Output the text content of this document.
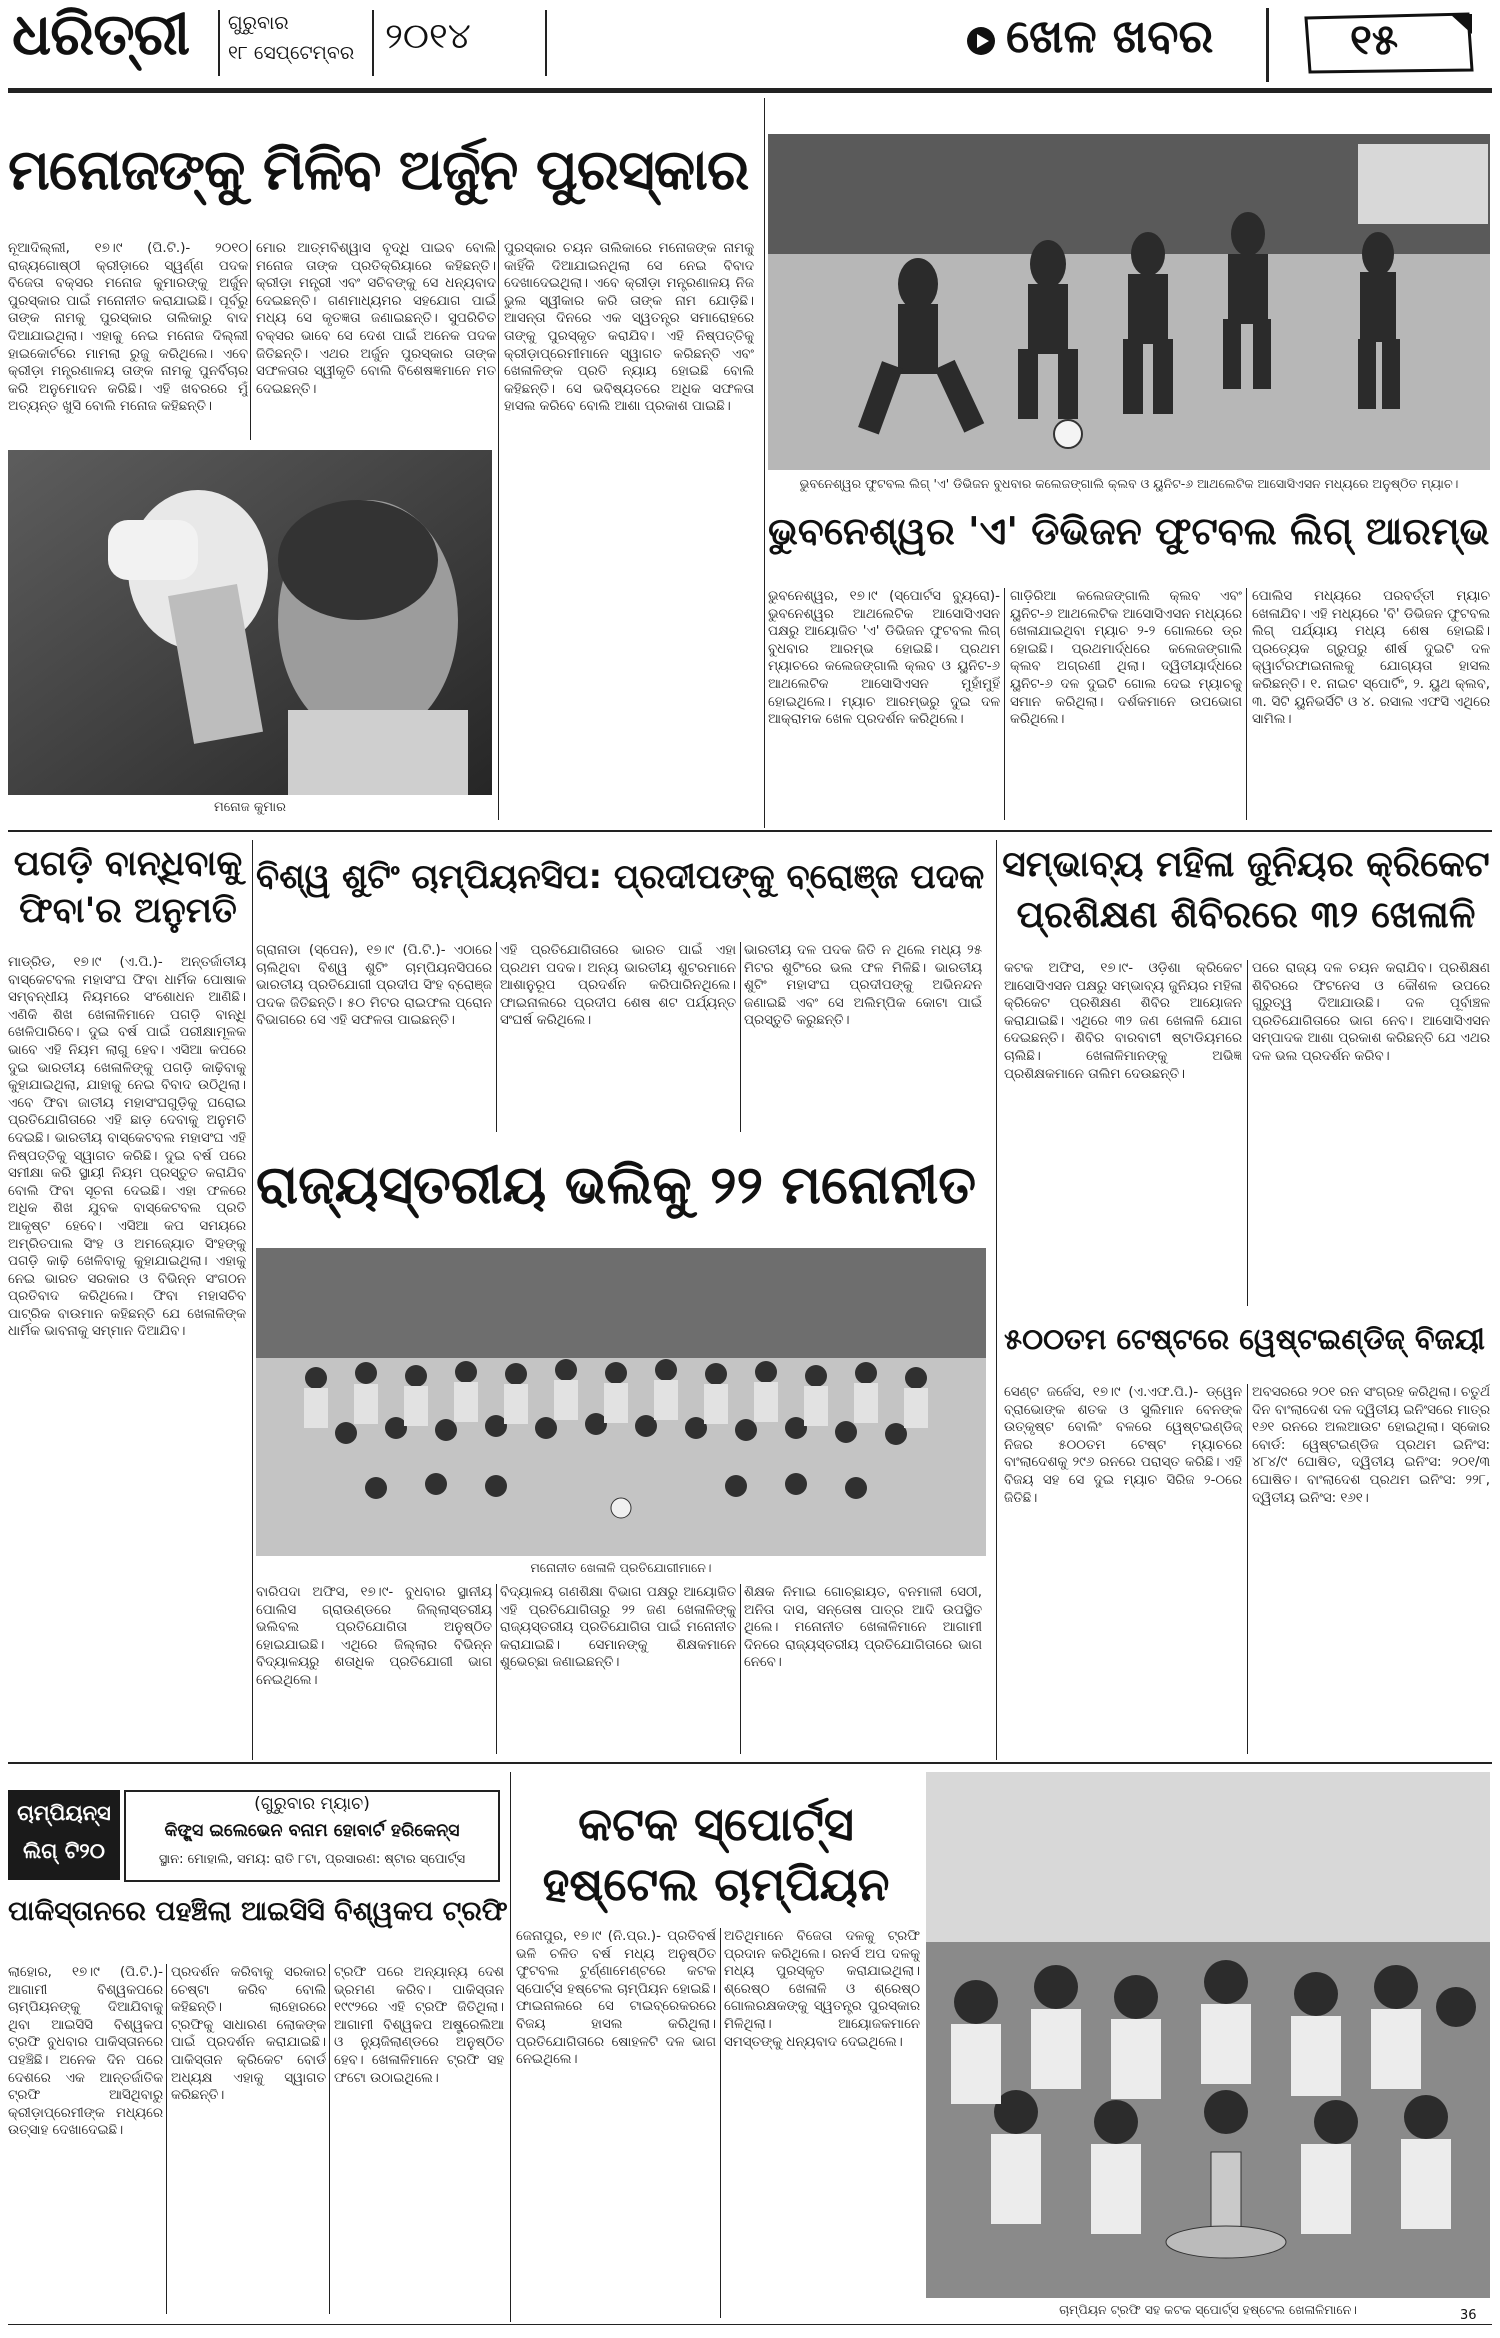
ଧରିତ୍ରୀ ଗୁରୁବାର
୧୮ ସେପ୍ଟେମ୍ବର ୨୦୧୪	ଖେଳ ଖବର	୧୫
ମନୋଜଙ୍କୁ ମିଳିବ ଅର୍ଜୁନ ପୁରସ୍କାର
ନୂଆଦିଲ୍ଲୀ, ୧୭।୯ (ପି.ଟି.)- ୨୦୧୦ ରାଜ୍ୟଗୋଷ୍ଠୀ କ୍ରୀଡ଼ାରେ ସ୍ୱର୍ଣ୍ଣ ପଦକ ବିଜେତା ବକ୍ସର ମନୋଜ କୁମାରଙ୍କୁ ଅର୍ଜୁନ ପୁରସ୍କାର ପାଇଁ ମନୋନୀତ କରାଯାଇଛି। ପୂର୍ବରୁ ତାଙ୍କ ନାମକୁ ପୁରସ୍କାର ତାଲିକାରୁ ବାଦ ଦିଆଯାଇଥିଲା। ଏହାକୁ ନେଇ ମନୋଜ ଦିଲ୍ଲୀ ହାଇକୋର୍ଟରେ ମାମଲା ରୁଜୁ କରିଥିଲେ। ଏବେ କ୍ରୀଡ଼ା ମନ୍ତ୍ରଣାଳୟ ତାଙ୍କ ନାମକୁ ପୁନର୍ବିଚାର କରି ଅନୁମୋଦନ କରିଛି। ଏହି ଖବରରେ ମୁଁ ଅତ୍ୟନ୍ତ ଖୁସି ବୋଲି ମନୋଜ କହିଛନ୍ତି।
ମୋର ଆତ୍ମବିଶ୍ୱାସ ବୃଦ୍ଧି ପାଇବ ବୋଲି ମନୋଜ ତାଙ୍କ ପ୍ରତିକ୍ରିୟାରେ କହିଛନ୍ତି। କ୍ରୀଡ଼ା ମନ୍ତ୍ରୀ ଏବଂ ସଚିବଙ୍କୁ ସେ ଧନ୍ୟବାଦ ଦେଇଛନ୍ତି। ଗଣମାଧ୍ୟମର ସହଯୋଗ ପାଇଁ ମଧ୍ୟ ସେ କୃତଜ୍ଞତା ଜଣାଇଛନ୍ତି। ସୁପରିଚିତ ବକ୍ସର ଭାବେ ସେ ଦେଶ ପାଇଁ ଅନେକ ପଦକ ଜିତିଛନ୍ତି। ଏଥର ଅର୍ଜୁନ ପୁରସ୍କାର ତାଙ୍କ ସଫଳତାର ସ୍ୱୀକୃତି ବୋଲି ବିଶେଷଜ୍ଞମାନେ ମତ ଦେଇଛନ୍ତି।
ପୁରସ୍କାର ଚୟନ ତାଲିକାରେ ମନୋଜଙ୍କ ନାମକୁ କାହିଁକି ଦିଆଯାଇନଥିଲା ସେ ନେଇ ବିବାଦ ଦେଖାଦେଇଥିଲା। ଏବେ କ୍ରୀଡ଼ା ମନ୍ତ୍ରଣାଳୟ ନିଜ ଭୁଲ ସ୍ୱୀକାର କରି ତାଙ୍କ ନାମ ଯୋଡ଼ିଛି। ଆସନ୍ତା ଦିନରେ ଏକ ସ୍ୱତନ୍ତ୍ର ସମାରୋହରେ ତାଙ୍କୁ ପୁରସ୍କୃତ କରାଯିବ। ଏହି ନିଷ୍ପତ୍ତିକୁ କ୍ରୀଡ଼ାପ୍ରେମୀମାନେ ସ୍ୱାଗତ କରିଛନ୍ତି ଏବଂ ଖେଳାଳିଙ୍କ ପ୍ରତି ନ୍ୟାୟ ହୋଇଛି ବୋଲି କହିଛନ୍ତି। ସେ ଭବିଷ୍ୟତରେ ଅଧିକ ସଫଳତା ହାସଲ କରିବେ ବୋଲି ଆଶା ପ୍ରକାଶ ପାଇଛି।
ମନୋଜ କୁମାର
ଭୁବନେଶ୍ୱର ଫୁଟବଲ ଲିଗ୍ 'ଏ' ଡିଭିଜନ ବୁଧବାର କଲେଜଙ୍ଗାଲି କ୍ଲବ ଓ ୟୁନିଟ-୬ ଆଥଲେଟିକ ଆସୋସିଏସନ ମଧ୍ୟରେ ଅନୁଷ୍ଠିତ ମ୍ୟାଚ।
ଭୁବନେଶ୍ୱର 'ଏ' ଡିଭିଜନ ଫୁଟବଲ ଲିଗ୍ ଆରମ୍ଭ
ଭୁବନେଶ୍ୱର, ୧୭।୯ (ସ୍ପୋର୍ଟସ ବ୍ୟୁରୋ)- ଭୁବନେଶ୍ୱର ଆଥଲେଟିକ ଆସୋସିଏସନ ପକ୍ଷରୁ ଆୟୋଜିତ 'ଏ' ଡିଭିଜନ ଫୁଟବଲ ଲିଗ୍ ବୁଧବାର ଆରମ୍ଭ ହୋଇଛି। ପ୍ରଥମ ମ୍ୟାଚରେ କଲେଜଙ୍ଗାଲି କ୍ଲବ ଓ ୟୁନିଟ-୬ ଆଥଲେଟିକ ଆସୋସିଏସନ ମୁହାଁମୁହିଁ ହୋଇଥିଲେ। ମ୍ୟାଚ ଆରମ୍ଭରୁ ଦୁଇ ଦଳ ଆକ୍ରାମକ ଖେଳ ପ୍ରଦର୍ଶନ କରିଥିଲେ।
ଗାଡ଼ିରିଆ କଲେଜଙ୍ଗାଲି କ୍ଲବ ଏବଂ ୟୁନିଟ-୬ ଆଥଲେଟିକ ଆସୋସିଏସନ ମଧ୍ୟରେ ଖେଳାଯାଇଥିବା ମ୍ୟାଚ ୨-୨ ଗୋଲରେ ଡ୍ର ହୋଇଛି। ପ୍ରଥମାର୍ଦ୍ଧରେ କଲେଜଙ୍ଗାଲି କ୍ଲବ ଅଗ୍ରଣୀ ଥିଲା। ଦ୍ୱିତୀୟାର୍ଦ୍ଧରେ ୟୁନିଟ-୬ ଦଳ ଦୁଇଟି ଗୋଲ ଦେଇ ମ୍ୟାଚକୁ ସମାନ କରିଥିଲା। ଦର୍ଶକମାନେ ଉପଭୋଗ କରିଥିଲେ।
ପୋଲିସ ମଧ୍ୟରେ ପରବର୍ତ୍ତୀ ମ୍ୟାଚ ଖେଳାଯିବ। ଏହି ମଧ୍ୟରେ 'ବି' ଡିଭିଜନ ଫୁଟବଲ ଲିଗ୍ ପର୍ଯ୍ୟାୟ ମଧ୍ୟ ଶେଷ ହୋଇଛି। ପ୍ରତ୍ୟେକ ଗ୍ରୁପରୁ ଶୀର୍ଷ ଦୁଇଟି ଦଳ କ୍ୱାର୍ଟରଫାଇନାଲକୁ ଯୋଗ୍ୟତା ହାସଲ କରିଛନ୍ତି। ୧. ନାଇଟ ସ୍ପୋର୍ଟିଂ, ୨. ୟୁଥ କ୍ଲବ, ୩. ସିଟି ୟୁନିଭର୍ସିଟି ଓ ୪. ରସାଲ ଏଫସି ଏଥିରେ ସାମିଲ।
ପଗଡ଼ି ବାନ୍ଧିବାକୁ
ଫିବା'ର ଅନୁମତି
ମାଡ୍ରିଡ, ୧୭।୯ (ଏ.ପି.)- ଅନ୍ତର୍ଜାତୀୟ ବାସ୍କେଟବଲ ମହାସଂଘ ଫିବା ଧାର୍ମିକ ପୋଷାକ ସମ୍ବନ୍ଧୀୟ ନିୟମରେ ସଂଶୋଧନ ଆଣିଛି। ଏଣିକି ଶିଖ ଖେଳାଳିମାନେ ପଗଡ଼ି ବାନ୍ଧି ଖେଳିପାରିବେ। ଦୁଇ ବର୍ଷ ପାଇଁ ପରୀକ୍ଷାମୂଳକ ଭାବେ ଏହି ନିୟମ ଲାଗୁ ହେବ। ଏସିଆ କପରେ ଦୁଇ ଭାରତୀୟ ଖେଳାଳିଙ୍କୁ ପଗଡ଼ି କାଢ଼ିବାକୁ କୁହାଯାଇଥିଲା, ଯାହାକୁ ନେଇ ବିବାଦ ଉଠିଥିଲା। ଏବେ ଫିବା ଜାତୀୟ ମହାସଂଘଗୁଡ଼ିକୁ ଘରୋଇ ପ୍ରତିଯୋଗିତାରେ ଏହି ଛାଡ଼ ଦେବାକୁ ଅନୁମତି ଦେଇଛି। ଭାରତୀୟ ବାସ୍କେଟବଲ ମହାସଂଘ ଏହି ନିଷ୍ପତ୍ତିକୁ ସ୍ୱାଗତ କରିଛି। ଦୁଇ ବର୍ଷ ପରେ ସମୀକ୍ଷା କରି ସ୍ଥାୟୀ ନିୟମ ପ୍ରସ୍ତୁତ କରାଯିବ ବୋଲି ଫିବା ସୂଚନା ଦେଇଛି। ଏହା ଫଳରେ ଅଧିକ ଶିଖ ଯୁବକ ବାସ୍କେଟବଲ ପ୍ରତି ଆକୃଷ୍ଟ ହେବେ। ଏସିଆ କପ ସମୟରେ ଅମ୍ରିତପାଲ ସିଂହ ଓ ଅମଜ୍ୟୋତ ସିଂହଙ୍କୁ ପଗଡ଼ି କାଢ଼ି ଖେଳିବାକୁ କୁହାଯାଇଥିଲା। ଏହାକୁ ନେଇ ଭାରତ ସରକାର ଓ ବିଭିନ୍ନ ସଂଗଠନ ପ୍ରତିବାଦ କରିଥିଲେ। ଫିବା ମହାସଚିବ ପାଟ୍ରିକ ବାଉମାନ କହିଛନ୍ତି ଯେ ଖେଳାଳିଙ୍କ ଧାର୍ମିକ ଭାବନାକୁ ସମ୍ମାନ ଦିଆଯିବ।
ବିଶ୍ୱ ଶୁଟିଂ ଚାମ୍ପିୟନସିପ: ପ୍ରଦୀପଙ୍କୁ ବ୍ରୋଞ୍ଜ ପଦକ
ଗ୍ରାନାଡା (ସ୍ପେନ), ୧୭।୯ (ପି.ଟି.)- ଏଠାରେ ଚାଲିଥିବା ବିଶ୍ୱ ଶୁଟିଂ ଚାମ୍ପିୟନସିପରେ ଭାରତୀୟ ପ୍ରତିଯୋଗୀ ପ୍ରଦୀପ ସିଂହ ବ୍ରୋଞ୍ଜ ପଦକ ଜିତିଛନ୍ତି। ୫୦ ମିଟର ରାଇଫଲ ପ୍ରୋନ ବିଭାଗରେ ସେ ଏହି ସଫଳତା ପାଇଛନ୍ତି।
ଏହି ପ୍ରତିଯୋଗିତାରେ ଭାରତ ପାଇଁ ଏହା ପ୍ରଥମ ପଦକ। ଅନ୍ୟ ଭାରତୀୟ ଶୁଟରମାନେ ଆଶାନୁରୂପ ପ୍ରଦର୍ଶନ କରିପାରିନଥିଲେ। ଫାଇନାଲରେ ପ୍ରଦୀପ ଶେଷ ଶଟ ପର୍ଯ୍ୟନ୍ତ ସଂଘର୍ଷ କରିଥିଲେ।
ଭାରତୀୟ ଦଳ ପଦକ ଜିତି ନ ଥିଲେ ମଧ୍ୟ ୨୫ ମିଟର ଶୁଟିଂରେ ଭଲ ଫଳ ମିଳିଛି। ଭାରତୀୟ ଶୁଟିଂ ମହାସଂଘ ପ୍ରଦୀପଙ୍କୁ ଅଭିନନ୍ଦନ ଜଣାଇଛି ଏବଂ ସେ ଅଲିମ୍ପିକ କୋଟା ପାଇଁ ପ୍ରସ୍ତୁତି କରୁଛନ୍ତି।
ରାଜ୍ୟସ୍ତରୀୟ ଭଲିକୁ ୨୨ ମନୋନୀତ
ମନୋନୀତ ଖେଳାଳି ପ୍ରତିଯୋଗୀମାନେ।
ବାରିପଦା ଅଫିସ, ୧୭।୯- ବୁଧବାର ସ୍ଥାନୀୟ ପୋଲିସ ଗ୍ରାଉଣ୍ଡରେ ଜିଲ୍ଲାସ୍ତରୀୟ ଭଲିବଲ ପ୍ରତିଯୋଗିତା ଅନୁଷ୍ଠିତ ହୋଇଯାଇଛି। ଏଥିରେ ଜିଲ୍ଲାର ବିଭିନ୍ନ ବିଦ୍ୟାଳୟରୁ ଶତାଧିକ ପ୍ରତିଯୋଗୀ ଭାଗ ନେଇଥିଲେ।
ବିଦ୍ୟାଳୟ ଗଣଶିକ୍ଷା ବିଭାଗ ପକ୍ଷରୁ ଆୟୋଜିତ ଏହି ପ୍ରତିଯୋଗିତାରୁ ୨୨ ଜଣ ଖେଳାଳିଙ୍କୁ ରାଜ୍ୟସ୍ତରୀୟ ପ୍ରତିଯୋଗିତା ପାଇଁ ମନୋନୀତ କରାଯାଇଛି। ସେମାନଙ୍କୁ ଶିକ୍ଷକମାନେ ଶୁଭେଚ୍ଛା ଜଣାଇଛନ୍ତି।
ଶିକ୍ଷକ ନିମାଇ ଗୋଚ୍ଛାୟତ, ବନମାଳୀ ସେଠୀ, ଅନିତା ଦାସ, ସନ୍ତୋଷ ପାତ୍ର ଆଦି ଉପସ୍ଥିତ ଥିଲେ। ମନୋନୀତ ଖେଳାଳିମାନେ ଆଗାମୀ ଦିନରେ ରାଜ୍ୟସ୍ତରୀୟ ପ୍ରତିଯୋଗିତାରେ ଭାଗ ନେବେ।
ସମ୍ଭାବ୍ୟ ମହିଳା ଜୁନିୟର କ୍ରିକେଟ
ପ୍ରଶିକ୍ଷଣ ଶିବିରରେ ୩୨ ଖେଳାଳି
କଟକ ଅଫିସ, ୧୭।୯- ଓଡ଼ିଶା କ୍ରିକେଟ ଆସୋସିଏସନ ପକ୍ଷରୁ ସମ୍ଭାବ୍ୟ ଜୁନିୟର ମହିଳା କ୍ରିକେଟ ପ୍ରଶିକ୍ଷଣ ଶିବିର ଆୟୋଜନ କରାଯାଇଛି। ଏଥିରେ ୩୨ ଜଣ ଖେଳାଳି ଯୋଗ ଦେଇଛନ୍ତି। ଶିବିର ବାରବାଟୀ ଷ୍ଟାଡିୟମରେ ଚାଲିଛି। ଖେଳାଳିମାନଙ୍କୁ ଅଭିଜ୍ଞ ପ୍ରଶିକ୍ଷକମାନେ ତାଲିମ ଦେଉଛନ୍ତି।
ପରେ ରାଜ୍ୟ ଦଳ ଚୟନ କରାଯିବ। ପ୍ରଶିକ୍ଷଣ ଶିବିରରେ ଫିଟନେସ ଓ କୌଶଳ ଉପରେ ଗୁରୁତ୍ୱ ଦିଆଯାଉଛି। ଦଳ ପୂର୍ବାଞ୍ଚଳ ପ୍ରତିଯୋଗିତାରେ ଭାଗ ନେବ। ଆସୋସିଏସନ ସମ୍ପାଦକ ଆଶା ପ୍ରକାଶ କରିଛନ୍ତି ଯେ ଏଥର ଦଳ ଭଲ ପ୍ରଦର୍ଶନ କରିବ।
୫୦୦ତମ ଟେଷ୍ଟରେ ୱେଷ୍ଟଇଣ୍ଡିଜ୍ ବିଜୟୀ
ସେଣ୍ଟ ଜର୍ଜେସ, ୧୭।୯ (ଏ.ଏଫ.ପି.)- ଡ୍ୱେନ ବ୍ରାଭୋଙ୍କ ଶତକ ଓ ସୁଲିମାନ ବେନଙ୍କ ଉତ୍କୃଷ୍ଟ ବୋଲିଂ ବଳରେ ୱେଷ୍ଟଇଣ୍ଡିଜ୍ ନିଜର ୫୦୦ତମ ଟେଷ୍ଟ ମ୍ୟାଚରେ ବାଂଲାଦେଶକୁ ୨୯୬ ରନରେ ପରାସ୍ତ କରିଛି। ଏହି ବିଜୟ ସହ ସେ ଦୁଇ ମ୍ୟାଚ ସିରିଜ ୨-୦ରେ ଜିତିଛି।
ଅବସରରେ ୨୦୧ ରନ ସଂଗ୍ରହ କରିଥିଲା। ଚତୁର୍ଥ ଦିନ ବାଂଲାଦେଶ ଦଳ ଦ୍ୱିତୀୟ ଇନିଂସରେ ମାତ୍ର ୧୬୧ ରନରେ ଅଲଆଉଟ ହୋଇଥିଲା। ସ୍କୋର ବୋର୍ଡ: ୱେଷ୍ଟଇଣ୍ଡିଜ ପ୍ରଥମ ଇନିଂସ: ୪୮୪/୯ ଘୋଷିତ, ଦ୍ୱିତୀୟ ଇନିଂସ: ୨୦୧/୩ ଘୋଷିତ। ବାଂଲାଦେଶ ପ୍ରଥମ ଇନିଂସ: ୨୨୮, ଦ୍ୱିତୀୟ ଇନିଂସ: ୧୬୧।
ଚାମ୍ପିୟନ୍ସ
ଲିଗ୍ ଟି୨୦
(ଗୁରୁବାର ମ୍ୟାଚ)
କିଙ୍ଗ୍ସ ଇଲେଭେନ ବନାମ ହୋବାର୍ଟ ହରିକେନ୍ସ
ସ୍ଥାନ: ମୋହାଲି, ସମୟ: ରାତି ୮ଟା, ପ୍ରସାରଣ: ଷ୍ଟାର ସ୍ପୋର୍ଟ୍ସ
ପାକିସ୍ତାନରେ ପହଞ୍ଚିଲା ଆଇସିସି ବିଶ୍ୱକପ ଟ୍ରଫି
ଲାହୋର, ୧୭।୯ (ପି.ଟି.)- ଆଗାମୀ ବିଶ୍ୱକପରେ ଚାମ୍ପିୟନଙ୍କୁ ଦିଆଯିବାକୁ ଥିବା ଆଇସିସି ବିଶ୍ୱକପ ଟ୍ରଫି ବୁଧବାର ପାକିସ୍ତାନରେ ପହଞ୍ଚିଛି। ଅନେକ ଦିନ ପରେ ଦେଶରେ ଏକ ଆନ୍ତର୍ଜାତିକ ଟ୍ରଫି ଆସିଥିବାରୁ କ୍ରୀଡ଼ାପ୍ରେମୀଙ୍କ ମଧ୍ୟରେ ଉତ୍ସାହ ଦେଖାଦେଇଛି।
ପ୍ରଦର୍ଶନ କରିବାକୁ ସରକାର ଚେଷ୍ଟା କରିବ ବୋଲି କହିଛନ୍ତି। ଲାହୋରରେ ଟ୍ରଫିକୁ ସାଧାରଣ ଲୋକଙ୍କ ପାଇଁ ପ୍ରଦର୍ଶନ କରାଯାଇଛି। ପାକିସ୍ତାନ କ୍ରିକେଟ ବୋର୍ଡ ଅଧ୍ୟକ୍ଷ ଏହାକୁ ସ୍ୱାଗତ କରିଛନ୍ତି।
ଟ୍ରଫି ପରେ ଅନ୍ୟାନ୍ୟ ଦେଶ ଭ୍ରମଣ କରିବ। ପାକିସ୍ତାନ ୧୯୯୨ରେ ଏହି ଟ୍ରଫି ଜିତିଥିଲା। ଆଗାମୀ ବିଶ୍ୱକପ ଅଷ୍ଟ୍ରେଲିଆ ଓ ନ୍ୟୁଜିଲାଣ୍ଡରେ ଅନୁଷ୍ଠିତ ହେବ। ଖେଳାଳିମାନେ ଟ୍ରଫି ସହ ଫଟୋ ଉଠାଇଥିଲେ।
କଟକ ସ୍ପୋର୍ଟ୍ସ
ହଷ୍ଟେଲ ଚାମ୍ପିୟନ
ଜେନାପୁର, ୧୭।୯ (ନି.ପ୍ର.)- ପ୍ରତିବର୍ଷ ଭଳି ଚଳିତ ବର୍ଷ ମଧ୍ୟ ଅନୁଷ୍ଠିତ ଫୁଟବଲ ଟୁର୍ଣ୍ଣାମେଣ୍ଟରେ କଟକ ସ୍ପୋର୍ଟ୍ସ ହଷ୍ଟେଲ ଚାମ୍ପିୟନ ହୋଇଛି। ଫାଇନାଲରେ ସେ ଟାଇବ୍ରେକରରେ ବିଜୟ ହାସଲ କରିଥିଲା। ପ୍ରତିଯୋଗିତାରେ ଷୋହଳଟି ଦଳ ଭାଗ ନେଇଥିଲେ।
ଅତିଥିମାନେ ବିଜେତା ଦଳକୁ ଟ୍ରଫି ପ୍ରଦାନ କରିଥିଲେ। ରନର୍ସ ଅପ ଦଳକୁ ମଧ୍ୟ ପୁରସ୍କୃତ କରାଯାଇଥିଲା। ଶ୍ରେଷ୍ଠ ଖେଳାଳି ଓ ଶ୍ରେଷ୍ଠ ଗୋଲରକ୍ଷକଙ୍କୁ ସ୍ୱତନ୍ତ୍ର ପୁରସ୍କାର ମିଳିଥିଲା। ଆୟୋଜକମାନେ ସମସ୍ତଙ୍କୁ ଧନ୍ୟବାଦ ଦେଇଥିଲେ।
ଚାମ୍ପିୟନ ଟ୍ରଫି ସହ କଟକ ସ୍ପୋର୍ଟ୍ସ ହଷ୍ଟେଲ ଖେଳାଳିମାନେ।	36
